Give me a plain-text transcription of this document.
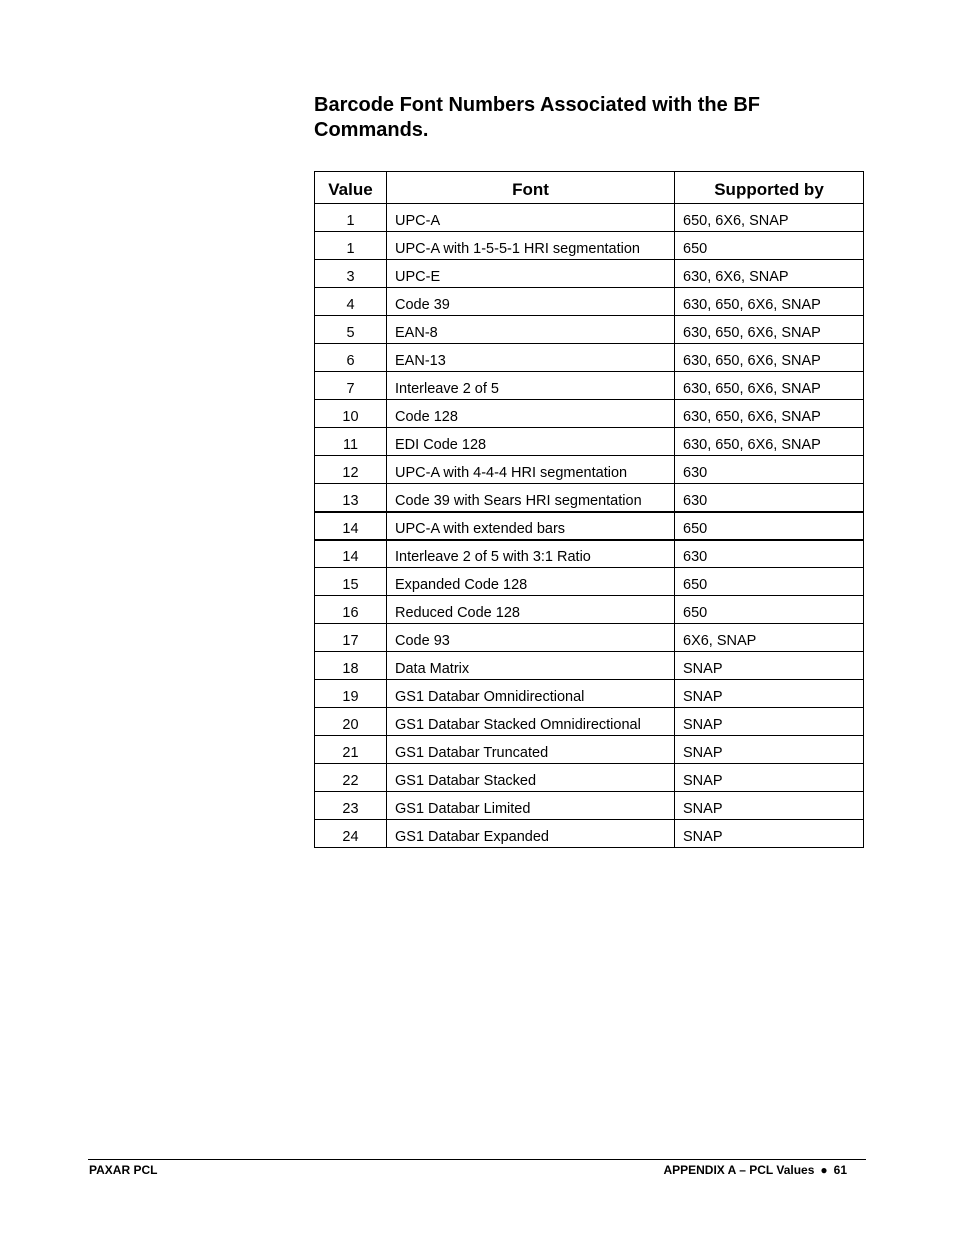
Barcode Font Numbers Associated with the BF Commands.
Value	Font	Supported by
1	UPC-A	650, 6X6, SNAP
1	UPC-A with 1-5-5-1 HRI segmentation	650
3	UPC-E	630, 6X6, SNAP
4	Code 39	630, 650, 6X6, SNAP
5	EAN-8	630, 650, 6X6, SNAP
6	EAN-13	630, 650, 6X6, SNAP
7	Interleave 2 of 5	630, 650, 6X6, SNAP
10	Code 128	630, 650, 6X6, SNAP
11	EDI Code 128	630, 650, 6X6, SNAP
12	UPC-A with 4-4-4 HRI segmentation	630
13	Code 39 with Sears HRI segmentation	630
14	UPC-A with extended bars	650
14	Interleave 2 of 5 with 3:1 Ratio	630
15	Expanded Code 128	650
16	Reduced Code 128	650
17	Code 93	6X6, SNAP
18	Data Matrix	SNAP
19	GS1 Databar Omnidirectional	SNAP
20	GS1 Databar Stacked Omnidirectional	SNAP
21	GS1 Databar Truncated	SNAP
22	GS1 Databar Stacked	SNAP
23	GS1 Databar Limited	SNAP
24	GS1 Databar Expanded	SNAP
PAXAR PCL	APPENDIX A – PCL Values ● 61
